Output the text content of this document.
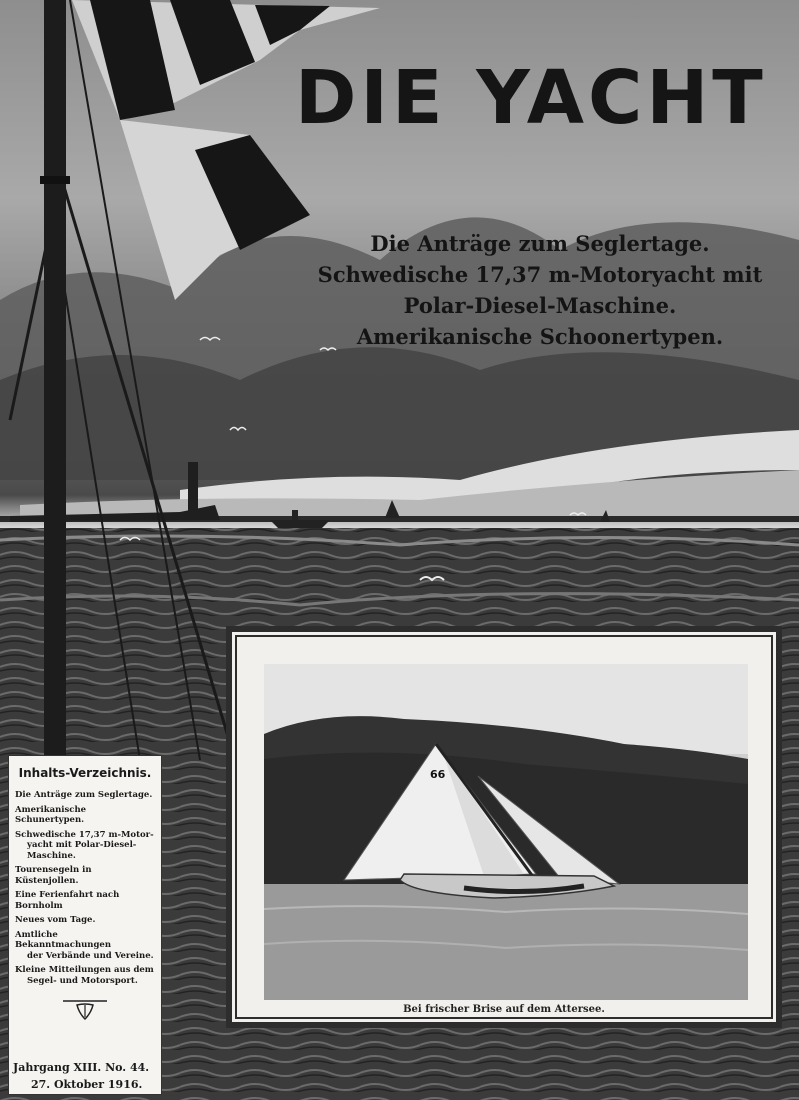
DIE YACHT
Die Anträge zum Seglertage.
Schwedische 17,37 m-Motoryacht mit
Polar-Diesel-Maschine.
Amerikanische Schoonertypen.
Inhalts-Verzeichnis.
Die Anträge zum Seglertage.
Amerikanische Schunertypen.
Schwedische 17,37 m-Motor-
yacht mit Polar-Diesel-
Maschine.
Tourensegeln in Küstenjollen.
Eine Ferienfahrt nach Bornholm
Neues vom Tage.
Amtliche Bekanntmachungen
der Verbände und Vereine.
Kleine Mitteilungen aus dem
Segel- und Motorsport.
Jahrgang XIII. No. 44.
27. Oktober 1916.
66
Bei frischer Brise auf dem Attersee.
